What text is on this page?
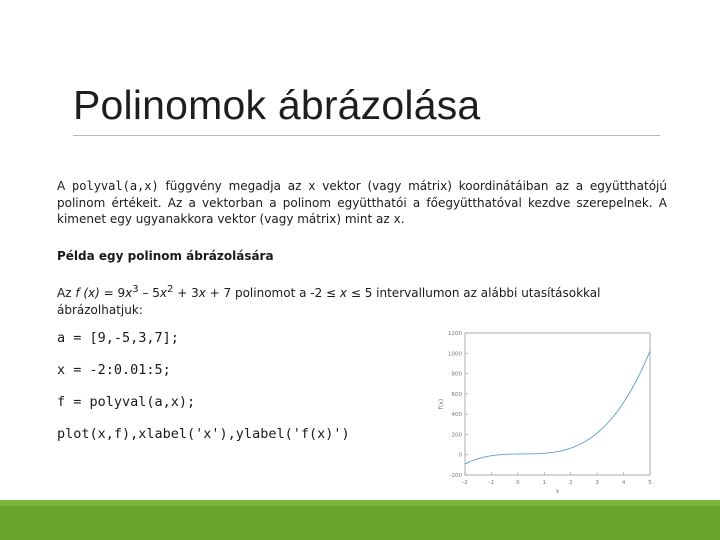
Polinomok ábrázolása
A polyval(a,x) függvény megadja az x vektor (vagy mátrix) koordinátáiban az a együtthatójú polinom értékeit. Az a vektorban a polinom együtthatói a főegyütthatóval kezdve szerepelnek. A kimenet egy ugyanakkora vektor (vagy mátrix) mint az x.
Példa egy polinom ábrázolására
Az f $(x) = 9x^3 - 5x^2 + 3x + 7$ polinomot a -2 ≤ x ≤ 5 intervallumon az alábbi utasításokkal ábrázolhatjuk:
a = [9,-5,3,7];
x = -2:0.01:5;
f = polyval(a,x);
plot(x,f),xlabel('x'),ylabel('f(x)')
-2	-1	0	1	2	3	4	5
-200
0
200
400
600
800
1000
1200
x
f(x)
